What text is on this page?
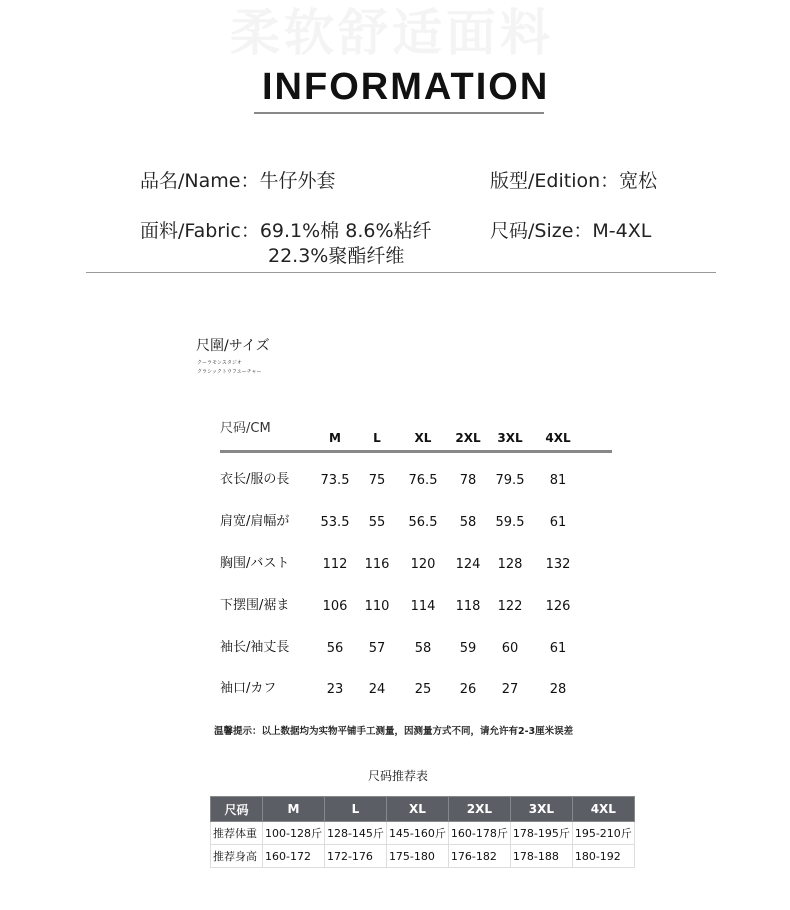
柔软舒适面料
INFORMATION
品名/Name：牛仔外套	版型/Edition：宽松
面料/Fabric：69.1%棉 8.6%粘纤
22.3%聚酯纤维
尺码/Size：M-4XL
尺圍/サイズ
クーラモンスタジオ
クラシックトウフユーチャー
尺码/CM
M	L	XL	2XL	3XL	4XL
衣长/服の長	73.5	75	76.5	78	79.5	81
肩宽/肩幅が	53.5	55	56.5	58	59.5	61
胸围/バスト	112	116	120	124	128	132
下摆围/裾ま	106	110	114	118	122	126
袖长/袖丈長	56	57	58	59	60	61
袖口/カフ	23	24	25	26	27	28
温馨提示：以上数据均为实物平铺手工测量，因测量方式不同，请允许有2-3厘米误差
尺码推荐表
尺码	M	L	XL	2XL	3XL	4XL
推荐体重	100-128斤	128-145斤	145-160斤	160-178斤	178-195斤	195-210斤
推荐身高	160-172	172-176	175-180	176-182	178-188	180-192
